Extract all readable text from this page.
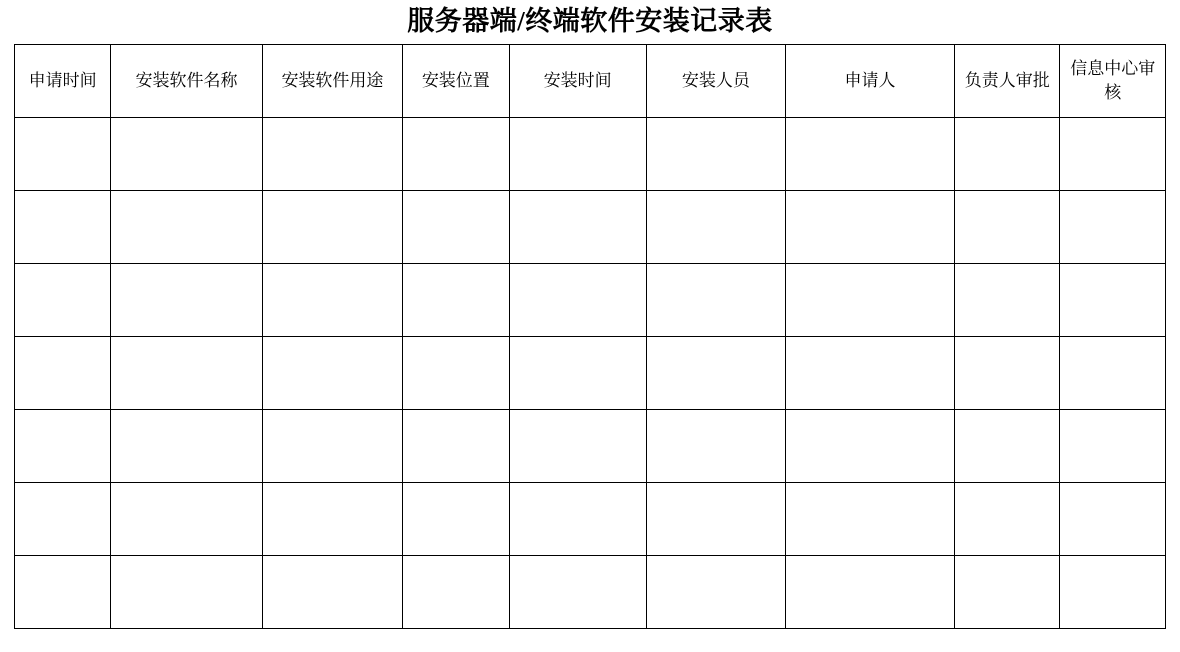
服务器端/终端软件安装记录表
申请时间	安装软件名称	安装软件用途	安装位置	安装时间	安装人员	申请人	负责人审批	信息中心审核
